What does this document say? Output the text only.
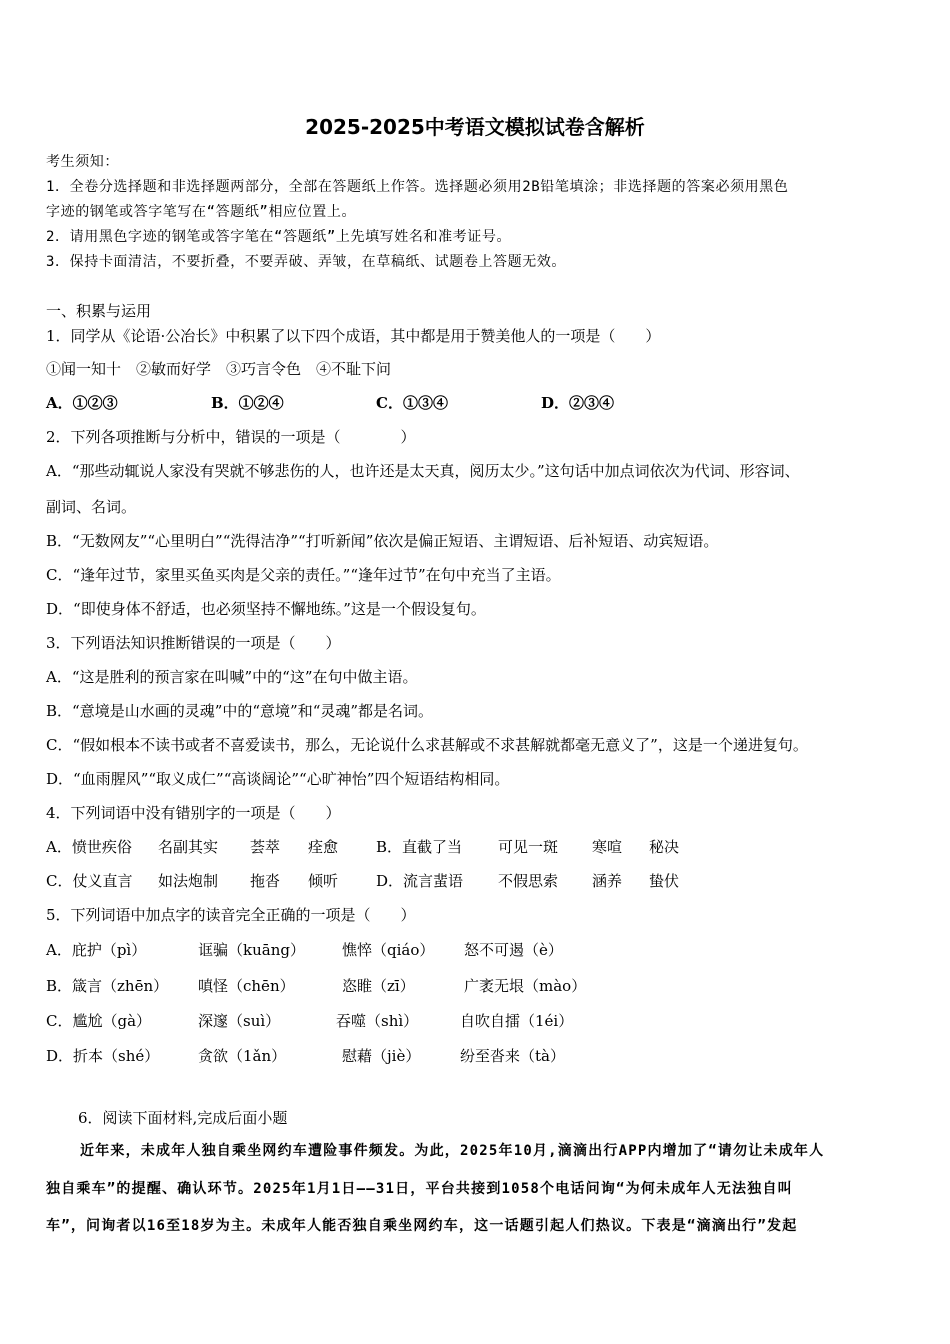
2025-2025中考语文模拟试卷含解析
考生须知：
1．全卷分选择题和非选择题两部分，全部在答题纸上作答。选择题必须用2B铅笔填涂；非选择题的答案必须用黑色
字迹的钢笔或答字笔写在“答题纸”相应位置上。
2．请用黑色字迹的钢笔或答字笔在“答题纸”上先填写姓名和准考证号。
3．保持卡面清洁，不要折叠，不要弄破、弄皱，在草稿纸、试题卷上答题无效。
一、积累与运用
1．同学从《论语·公冶长》中积累了以下四个成语，其中都是用于赞美他人的一项是（　　）
①闻一知十　②敏而好学　③巧言令色　④不耻下问
A．①②③	B．①②④	C．①③④	D．②③④
2．下列各项推断与分析中，错误的一项是（　　　　）
A．“那些动辄说人家没有哭就不够悲伤的人，也许还是太天真，阅历太少。”这句话中加点词依次为代词、形容词、
副词、名词。
B．“无数网友”“心里明白”“洗得洁净”“打听新闻”依次是偏正短语、主谓短语、后补短语、动宾短语。
C．“逢年过节，家里买鱼买肉是父亲的责任。”“逢年过节”在句中充当了主语。
D．“即使身体不舒适，也必须坚持不懈地练。”这是一个假设复句。
3．下列语法知识推断错误的一项是（　　）
A．“这是胜利的预言家在叫喊”中的“这”在句中做主语。
B．“意境是山水画的灵魂”中的“意境”和“灵魂”都是名词。
C．“假如根本不读书或者不喜爱读书，那么，无论说什么求甚解或不求甚解就都毫无意义了”，这是一个递进复句。
D．“血雨腥风”“取义成仁”“高谈阔论”“心旷神怡”四个短语结构相同。
4．下列词语中没有错别字的一项是（　　）
A．愤世疾俗 名副其实 荟萃 痊愈	B．直截了当 可见一斑 寒喧 秘决
C．仗义直言 如法炮制 拖沓 倾听	D．流言蜚语 不假思索 涵养 蛰伏
5．下列词语中加点字的读音完全正确的一项是（　　）
A．庇护（pì）	诓骗（kuāng） 憔悴（qiáo） 怒不可遏（è）
B．箴言（zhēn） 嗔怪（chēn）	恣睢（zī）	广袤无垠（mào）
C．尴尬（gà）	深邃（suì）	吞噬（shì）	自吹自擂（1éi）
D．折本（shé）	贪欲（1ǎn）	慰藉（jiè）	纷至沓来（tà）
6．阅读下面材料,完成后面小题
近年来，未成年人独自乘坐网约车遭险事件频发。为此，2025年10月,滴滴出行APP内增加了“请勿让未成年人
独自乘车”的提醒、确认环节。2025年1月1日——31日，平台共接到1058个电话问询“为何未成年人无法独自叫
车”，问询者以16至18岁为主。未成年人能否独自乘坐网约车，这一话题引起人们热议。下表是“滴滴出行”发起
